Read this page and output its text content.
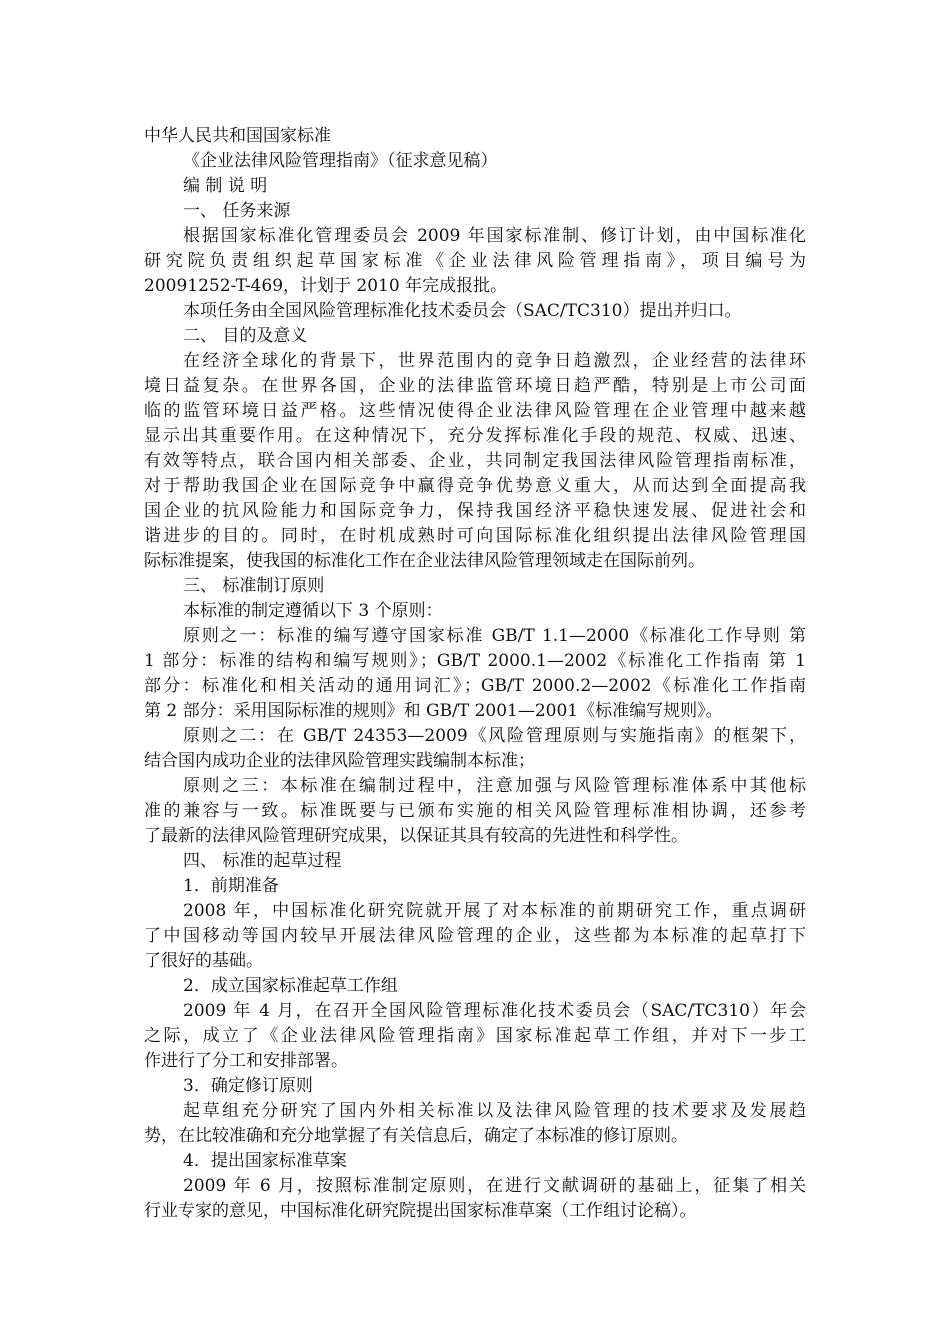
中华人民共和国国家标准
《企业法律风险管理指南》（征求意见稿）
编 制 说 明
一、 任务来源
根据国家标准化管理委员会 2009 年国家标准制、修订计划，由中国标准化
研究院负责组织起草国家标准《企业法律风险管理指南》，项目编号为
20091252-T-469，计划于 2010 年完成报批。
本项任务由全国风险管理标准化技术委员会（SAC/TC310）提出并归口。
二、 目的及意义
在经济全球化的背景下，世界范围内的竞争日趋激烈，企业经营的法律环
境日益复杂。在世界各国，企业的法律监管环境日趋严酷，特别是上市公司面
临的监管环境日益严格。这些情况使得企业法律风险管理在企业管理中越来越
显示出其重要作用。在这种情况下，充分发挥标准化手段的规范、权威、迅速、
有效等特点，联合国内相关部委、企业，共同制定我国法律风险管理指南标准，
对于帮助我国企业在国际竞争中赢得竞争优势意义重大，从而达到全面提高我
国企业的抗风险能力和国际竞争力，保持我国经济平稳快速发展、促进社会和
谐进步的目的。同时，在时机成熟时可向国际标准化组织提出法律风险管理国
际标准提案，使我国的标准化工作在企业法律风险管理领域走在国际前列。
三、 标准制订原则
本标准的制定遵循以下 3 个原则：
原则之一：标准的编写遵守国家标准 GB/T 1.1—2000《标准化工作导则 第
1 部分：标准的结构和编写规则》；GB/T 2000.1—2002《标准化工作指南 第 1
部分：标准化和相关活动的通用词汇》；GB/T 2000.2—2002《标准化工作指南
第 2 部分：采用国际标准的规则》和 GB/T 2001—2001《标准编写规则》。
原则之二：在 GB/T 24353—2009《风险管理原则与实施指南》的框架下，
结合国内成功企业的法律风险管理实践编制本标准；
原则之三：本标准在编制过程中，注意加强与风险管理标准体系中其他标
准的兼容与一致。标准既要与已颁布实施的相关风险管理标准相协调，还参考
了最新的法律风险管理研究成果，以保证其具有较高的先进性和科学性。
四、 标准的起草过程
1．前期准备
2008 年，中国标准化研究院就开展了对本标准的前期研究工作，重点调研
了中国移动等国内较早开展法律风险管理的企业，这些都为本标准的起草打下
了很好的基础。
2．成立国家标准起草工作组
2009 年 4 月，在召开全国风险管理标准化技术委员会（SAC/TC310）年会
之际，成立了《企业法律风险管理指南》国家标准起草工作组，并对下一步工
作进行了分工和安排部署。
3．确定修订原则
起草组充分研究了国内外相关标准以及法律风险管理的技术要求及发展趋
势，在比较准确和充分地掌握了有关信息后，确定了本标准的修订原则。
4．提出国家标准草案
2009 年 6 月，按照标准制定原则，在进行文献调研的基础上，征集了相关
行业专家的意见，中国标准化研究院提出国家标准草案（工作组讨论稿）。
